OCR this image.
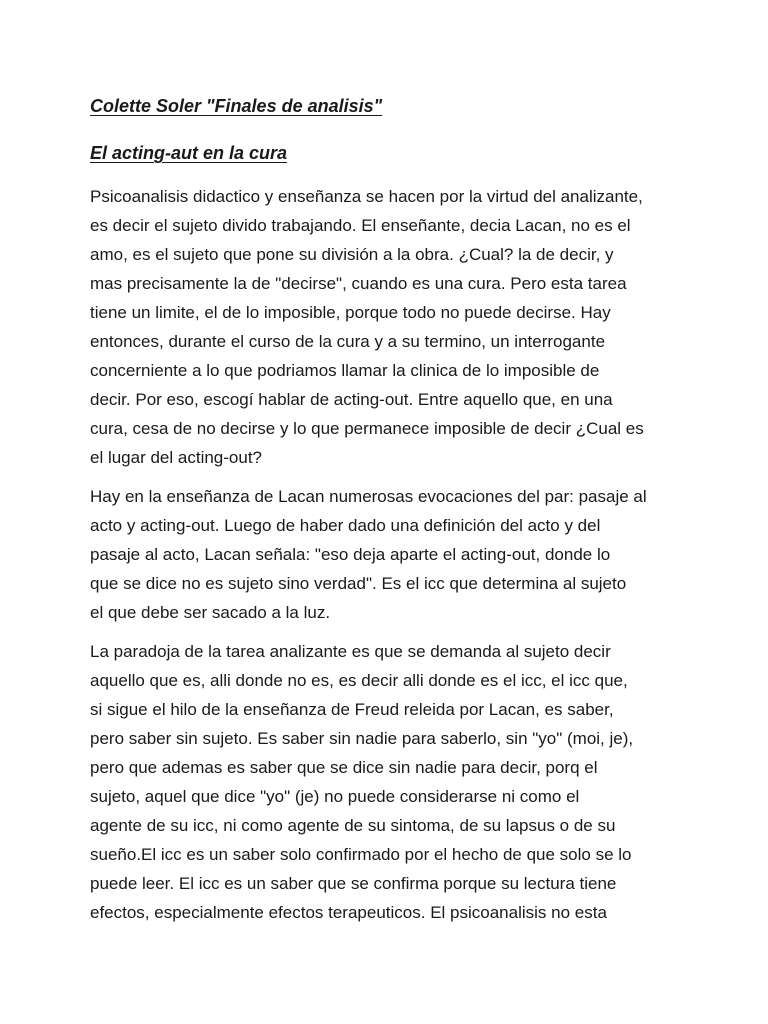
Colette Soler "Finales de analisis"

El acting-aut en la cura

Psicoanalisis didactico y enseñanza se hacen por la virtud del analizante,
es decir el sujeto divido trabajando. El enseñante, decia Lacan, no es el
amo, es el sujeto que pone su división a la obra. ¿Cual? la de decir, y
mas precisamente la de "decirse", cuando es una cura. Pero esta tarea
tiene un limite, el de lo imposible, porque todo no puede decirse. Hay
entonces, durante el curso de la cura y a su termino, un interrogante
concerniente a lo que podriamos llamar la clinica de lo imposible de
decir. Por eso, escogí hablar de acting-out. Entre aquello que, en una
cura, cesa de no decirse y lo que permanece imposible de decir ¿Cual es
el lugar del acting-out?

Hay en la enseñanza de Lacan numerosas evocaciones del par: pasaje al
acto y acting-out. Luego de haber dado una definición del acto y del
pasaje al acto, Lacan señala: "eso deja aparte el acting-out, donde lo
que se dice no es sujeto sino verdad". Es el icc que determina al sujeto
el que debe ser sacado a la luz.

La paradoja de la tarea analizante es que se demanda al sujeto decir
aquello que es, alli donde no es, es decir alli donde es el icc, el icc que,
si sigue el hilo de la enseñanza de Freud releida por Lacan, es saber,
pero saber sin sujeto. Es saber sin nadie para saberlo, sin "yo" (moi, je),
pero que ademas es saber que se dice sin nadie para decir, porq el
sujeto, aquel que dice "yo" (je) no puede considerarse ni como el
agente de su icc, ni como agente de su sintoma, de su lapsus o de su
sueño.El icc es un saber solo confirmado por el hecho de que solo se lo
puede leer. El icc es un saber que se confirma porque su lectura tiene
efectos, especialmente efectos terapeuticos. El psicoanalisis no esta
